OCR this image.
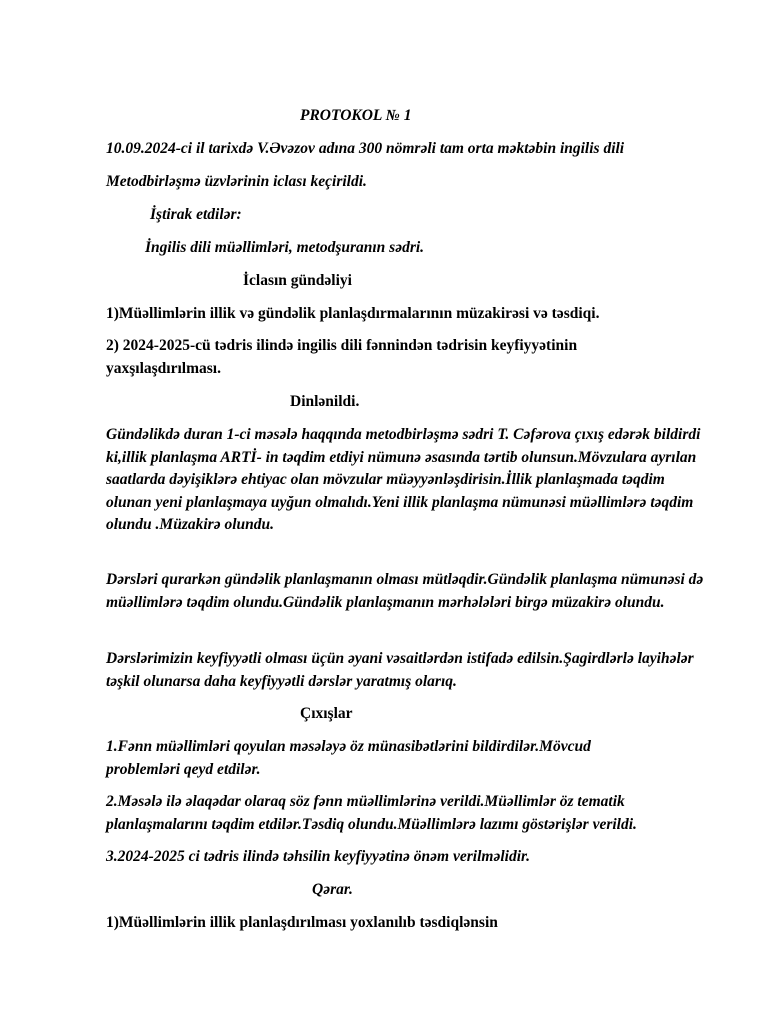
PROTOKOL № 1

10.09.2024-ci il tarixdə V.Əvəzov adına 300 nömrəli tam orta məktəbin ingilis dili

Metodbirləşmə üzvlərinin iclası keçirildi.

İştirak etdilər:

İngilis dili müəllimləri, metodşuranın sədri.

İclasın gündəliyi

1)Müəllimlərin illik və gündəlik planlaşdırmalarının müzakirəsi və təsdiqi.

2) 2024-2025-cü tədris ilində ingilis dili fənnindən tədrisin keyfiyyətinin yaxşılaşdırılması.

Dinlənildi.

Gündəlikdə duran 1-ci məsələ haqqında metodbirləşmə sədri T. Cəfərova çıxış edərək bildirdi ki,illik planlaşma ARTİ- in təqdim etdiyi nümunə əsasında tərtib olunsun.Mövzulara ayrılan saatlarda dəyişiklərə ehtiyac olan mövzular müəyyənləşdirisin.İllik planlaşmada təqdim olunan yeni planlaşmaya uyğun olmalıdı.Yeni illik planlaşma nümunəsi müəllimlərə təqdim olundu .Müzakirə olundu.

Dərsləri qurarkən gündəlik planlaşmanın olması mütləqdir.Gündəlik planlaşma nümunəsi də müəllimlərə təqdim olundu.Gündəlik planlaşmanın mərhələləri birgə müzakirə olundu.

Dərslərimizin keyfiyyətli olması üçün əyani vəsaitlərdən istifadə edilsin.Şagirdlərlə layihələr təşkil olunarsa daha keyfiyyətli dərslər yaratmış olarıq.

Çıxışlar

1.Fənn müəllimləri qoyulan məsələyə öz münasibətlərini bildirdilər.Mövcud problemləri qeyd etdilər.

2.Məsələ ilə əlaqədar olaraq söz fənn müəllimlərinə verildi.Müəllimlər öz tematik planlaşmalarını təqdim etdilər.Təsdiq olundu.Müəllimlərə lazımı göstərişlər verildi.

3.2024-2025 ci tədris ilində təhsilin keyfiyyətinə önəm verilməlidir.

Qərar.

1)Müəllimlərin illik planlaşdırılması yoxlanılıb təsdiqlənsin
